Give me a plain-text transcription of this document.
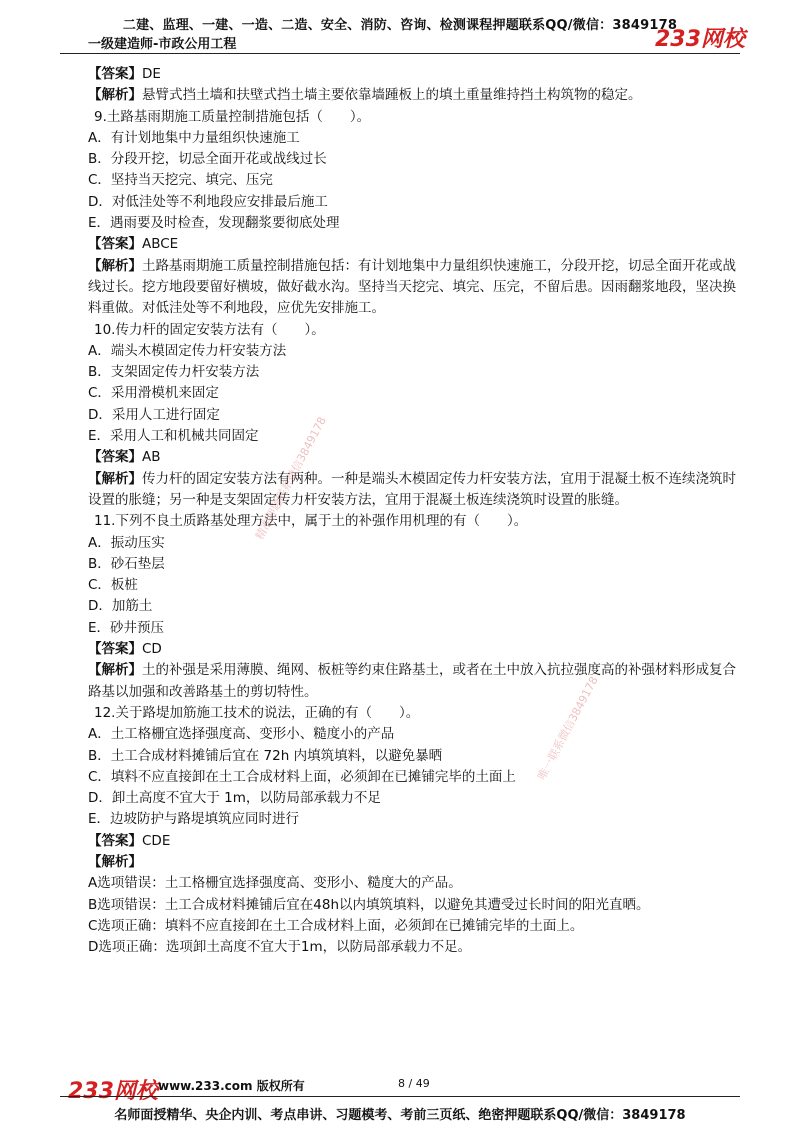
二建、监理、一建、一造、二造、安全、消防、咨询、检测课程押题联系QQ/微信：3849178
一级建造师-市政公用工程	233网校

【答案】DE

【解析】悬臂式挡土墙和扶壁式挡土墙主要依靠墙踵板上的填土重量维持挡土构筑物的稳定。

9.土路基雨期施工质量控制措施包括（　　）。

A．有计划地集中力量组织快速施工

B．分段开挖，切忌全面开花或战线过长

C．坚持当天挖完、填完、压完

D．对低洼处等不利地段应安排最后施工

E．遇雨要及时检查，发现翻浆要彻底处理

【答案】ABCE

【解析】土路基雨期施工质量控制措施包括：有计划地集中力量组织快速施工，分段开挖，切忌全面开花或战线过长。挖方地段要留好横坡，做好截水沟。坚持当天挖完、填完、压完，不留后患。因雨翻浆地段，坚决换料重做。对低洼处等不利地段，应优先安排施工。

10.传力杆的固定安装方法有（　　）。

A．端头木模固定传力杆安装方法

B．支架固定传力杆安装方法

C．采用滑模机来固定

D．采用人工进行固定

E．采用人工和机械共同固定

【答案】AB

【解析】传力杆的固定安装方法有两种。一种是端头木模固定传力杆安装方法，宜用于混凝土板不连续浇筑时设置的胀缝；另一种是支架固定传力杆安装方法，宜用于混凝土板连续浇筑时设置的胀缝。

11.下列不良土质路基处理方法中，属于土的补强作用机理的有（　　）。

A．振动压实

B．砂石垫层

C．板桩

D．加筋土

E．砂井预压

【答案】CD

【解析】土的补强是采用薄膜、绳网、板桩等约束住路基土，或者在土中放入抗拉强度高的补强材料形成复合路基以加强和改善路基土的剪切特性。

12.关于路堤加筋施工技术的说法，正确的有（　　）。

A．土工格栅宜选择强度高、变形小、糙度小的产品

B．土工合成材料摊铺后宜在 72h 内填筑填料，以避免暴晒

C．填料不应直接卸在土工合成材料上面，必须卸在已摊铺完毕的土面上

D．卸土高度不宜大于 1m，以防局部承载力不足

E．边坡防护与路堤填筑应同时进行

【答案】CDE

【解析】

A选项错误：土工格栅宜选择强度高、变形小、糙度大的产品。

B选项错误：土工合成材料摊铺后宜在48h以内填筑填料，以避免其遭受过长时间的阳光直晒。

C选项正确：填料不应直接卸在土工合成材料上面，必须卸在已摊铺完毕的土面上。

D选项正确：选项卸土高度不宜大于1m，以防局部承载力不足。

精准押题联系微信3849178
唯一联系微信3849178
233网校 www.233.com 版权所有	8 / 49
名师面授精华、央企内训、考点串讲、习题模考、考前三页纸、绝密押题联系QQ/微信：3849178
